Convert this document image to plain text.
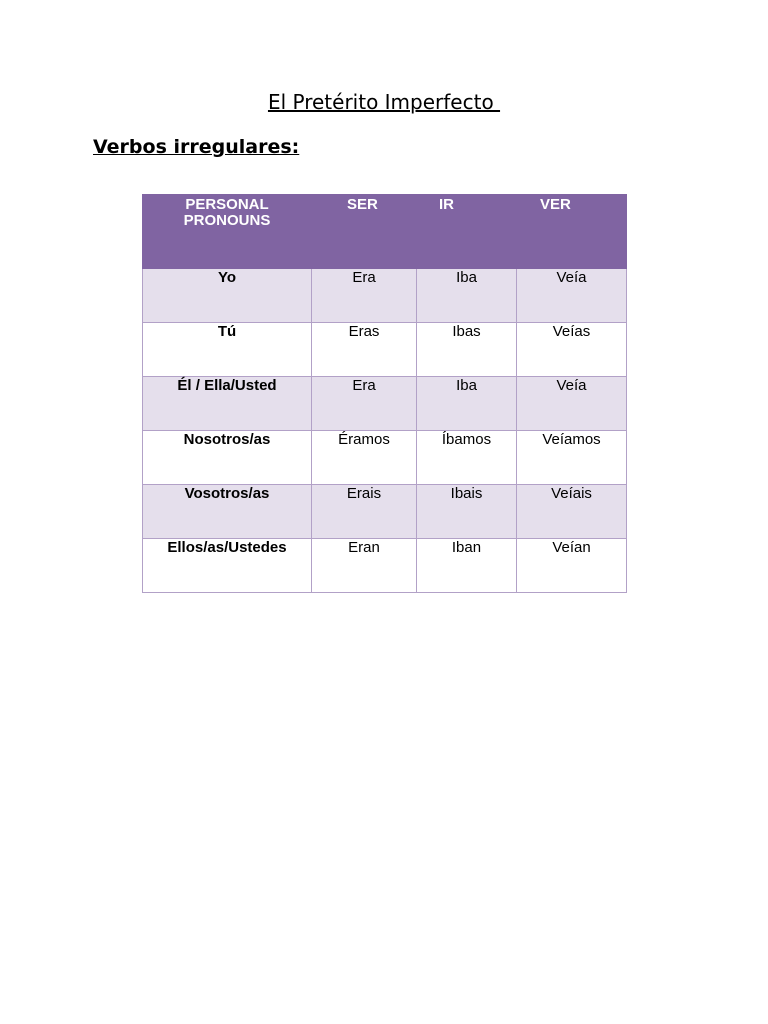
El Pretérito Imperfecto
Verbos irregulares:
PERSONAL
PRONOUNS	SER	IR	VER
Yo	Era	Iba	Veía
Tú	Eras	Ibas	Veías
Él / Ella/Usted	Era	Iba	Veía
Nosotros/as	Éramos	Íbamos	Veíamos
Vosotros/as	Erais	Ibais	Veíais
Ellos/as/Ustedes	Eran	Iban	Veían
